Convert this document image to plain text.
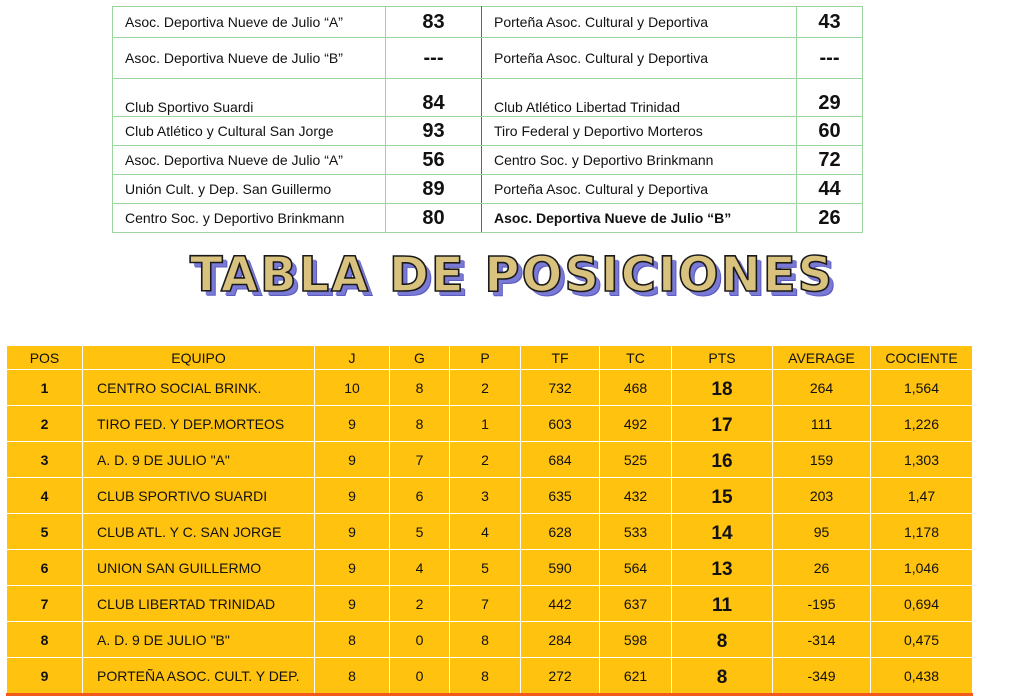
Asoc. Deportiva Nueve de Julio “A”	83	Porteña Asoc. Cultural y Deportiva	43
Asoc. Deportiva Nueve de Julio “B”	---	Porteña Asoc. Cultural y Deportiva	---
Club Sportivo Suardi	84	Club Atlético Libertad Trinidad	29
Club Atlético y Cultural San Jorge	93	Tiro Federal y Deportivo Morteros	60
Asoc. Deportiva Nueve de Julio “A”	56	Centro Soc. y Deportivo Brinkmann	72
Unión Cult. y Dep. San Guillermo	89	Porteña Asoc. Cultural y Deportiva	44
Centro Soc. y Deportivo Brinkmann	80	Asoc. Deportiva Nueve de Julio “B”	26
TABLA DE POSICIONES
POS	EQUIPO	J	G	P	TF	TC	PTS	AVERAGE	COCIENTE
1	CENTRO SOCIAL BRINK.	10	8	2	732	468	18	264	1,564
2	TIRO FED. Y DEP.MORTEOS	9	8	1	603	492	17	111	1,226
3	A. D. 9 DE JULIO "A"	9	7	2	684	525	16	159	1,303
4	CLUB SPORTIVO SUARDI	9	6	3	635	432	15	203	1,47
5	CLUB ATL. Y C. SAN JORGE	9	5	4	628	533	14	95	1,178
6	UNION SAN GUILLERMO	9	4	5	590	564	13	26	1,046
7	CLUB LIBERTAD TRINIDAD	9	2	7	442	637	11	-195	0,694
8	A. D. 9 DE JULIO "B"	8	0	8	284	598	8	-314	0,475
9	PORTEÑA ASOC. CULT. Y DEP.	8	0	8	272	621	8	-349	0,438
